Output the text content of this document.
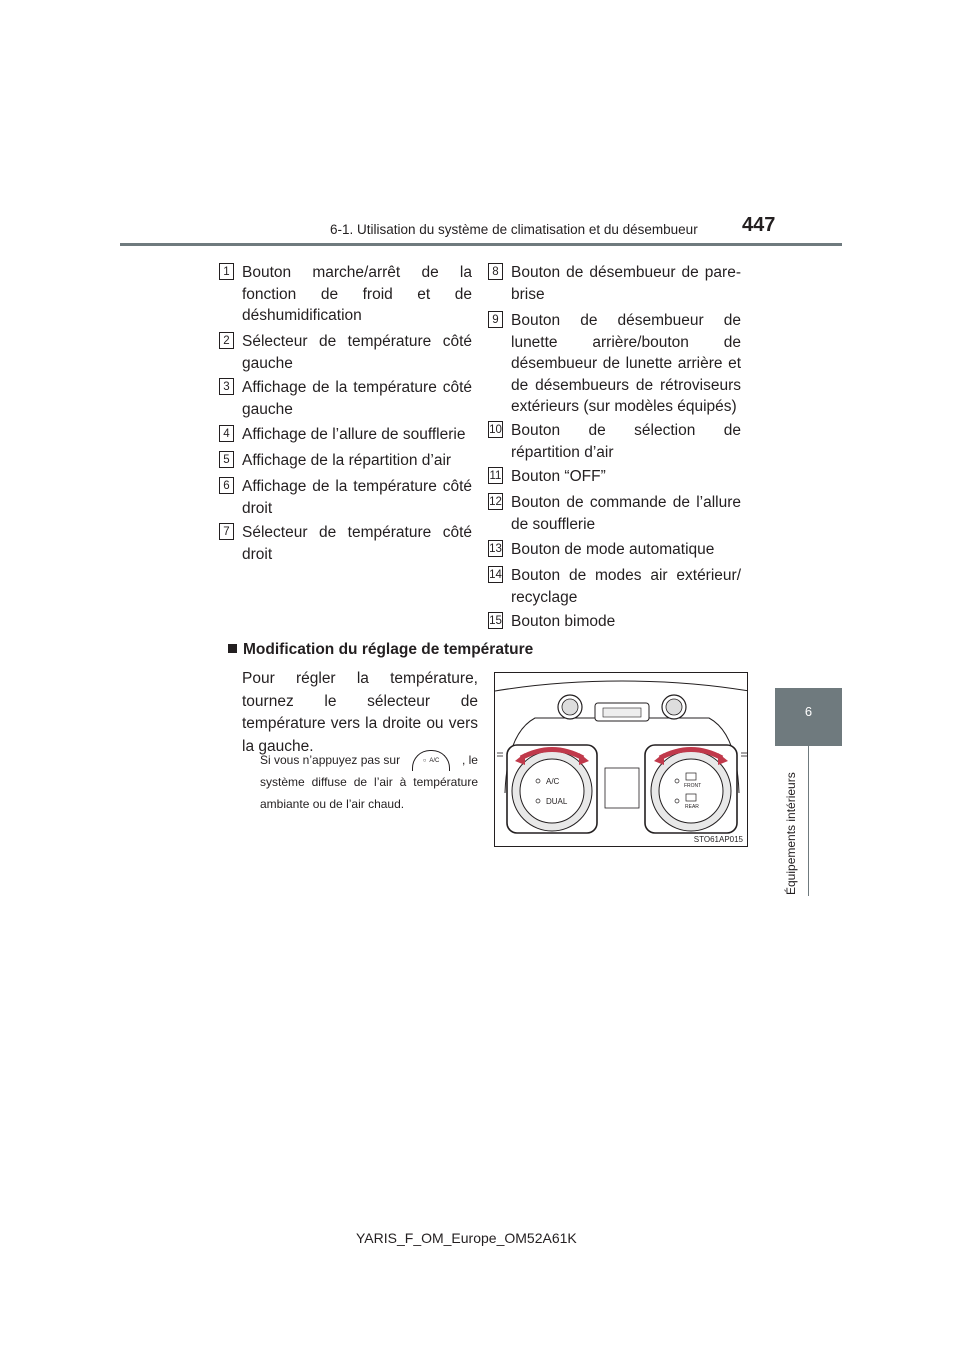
6-1. Utilisation du système de climatisation et du désembueur 447
6
Équipements intérieurs
1 Bouton marche/arrêt de la fonction de froid et de déshumidification
2 Sélecteur de température côté gauche
3 Affichage de la température côté gauche
4 Affichage de l’allure de soufflerie
5 Affichage de la répartition d’air
6 Affichage de la température côté droit
7 Sélecteur de température côté droit
8 Bouton de désembueur de pare-brise
9 Bouton de désembueur de lunette arrière/bouton de désembueur de lunette arrière et de désembueurs de rétroviseurs extérieurs (sur modèles équipés)
10 Bouton de sélection de répartition d’air
11 Bouton “OFF”
12 Bouton de commande de l’allure de soufflerie
13 Bouton de mode automatique
14 Bouton de modes air extérieur/ recyclage
15 Bouton bimode
Modification du réglage de température
Pour régler la température, tournez le sélecteur de température vers la droite ou vers la gauche.
Si vous n’appuyez pas sur	○ A/C , le
système diffuse de l’air à température ambiante ou de l’air chaud.
A/C
DUAL
FRONT
REAR
STO61AP015
YARIS_F_OM_Europe_OM52A61K
